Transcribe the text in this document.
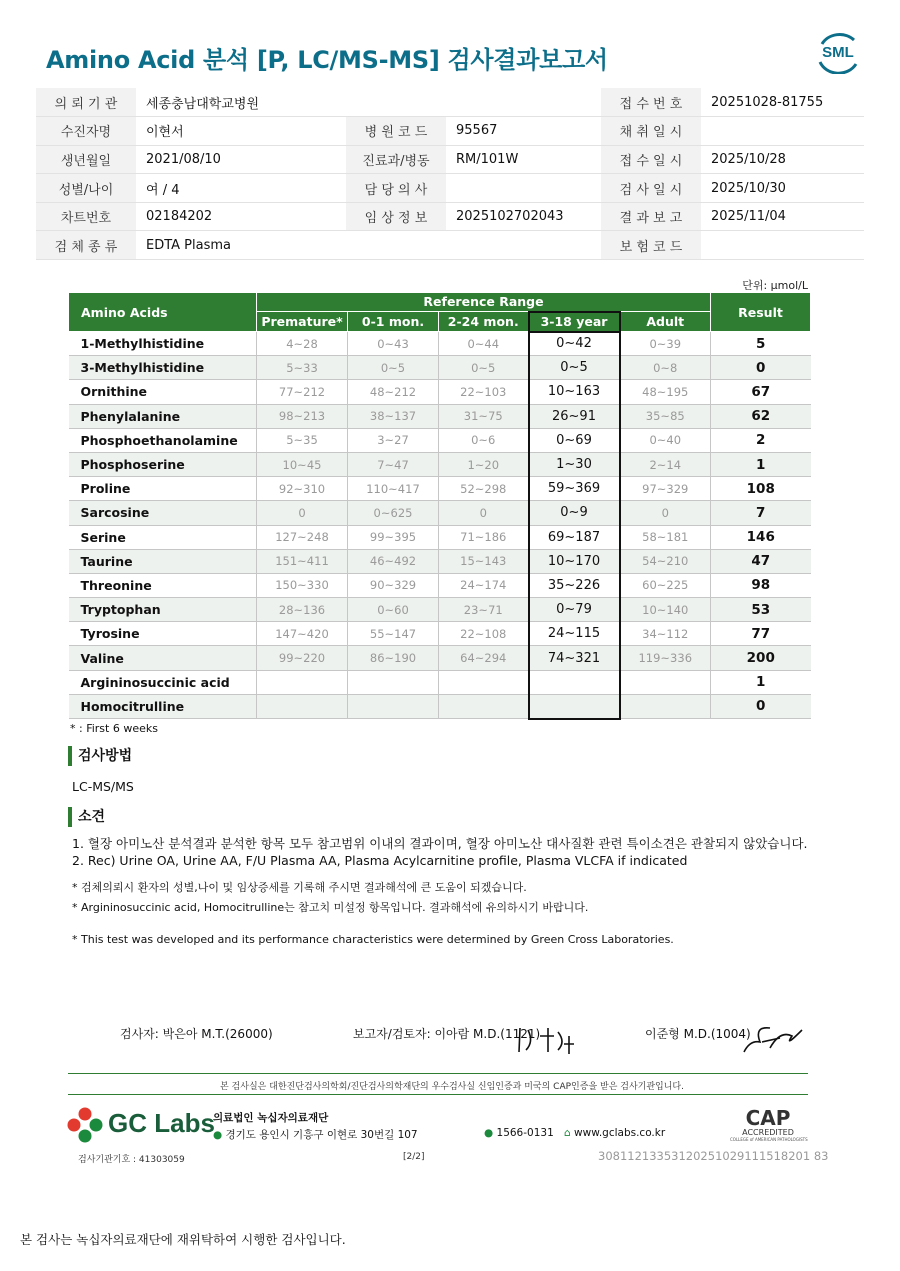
Amino Acid 분석 [P, LC/MS-MS] 검사결과보고서	SML
의 뢰 기 관	세종충남대학교병원			접 수 번 호	20251028-81755
수진자명	이현서	병 원 코 드	95567	채 취 일 시	
생년월일	2021/08/10	진료과/병동	RM/101W	접 수 일 시	2025/10/28
성별/나이	여 / 4	담 당 의 사		검 사 일 시	2025/10/30
차트번호	02184202	임 상 정 보	2025102702043	결 과 보 고	2025/11/04
검 체 종 류	EDTA Plasma			보 험 코 드	
단위: μmol/L
Amino Acids	Reference Range					Result
	Premature*	0-1 mon.	2-24 mon.	3-18 year	Adult	
1-Methylhistidine	4~28	0~43	0~44	0~42	0~39	5
3-Methylhistidine	5~33	0~5	0~5	0~5	0~8	0
Ornithine	77~212	48~212	22~103	10~163	48~195	67
Phenylalanine	98~213	38~137	31~75	26~91	35~85	62
Phosphoethanolamine	5~35	3~27	0~6	0~69	0~40	2
Phosphoserine	10~45	7~47	1~20	1~30	2~14	1
Proline	92~310	110~417	52~298	59~369	97~329	108
Sarcosine	0	0~625	0	0~9	0	7
Serine	127~248	99~395	71~186	69~187	58~181	146
Taurine	151~411	46~492	15~143	10~170	54~210	47
Threonine	150~330	90~329	24~174	35~226	60~225	98
Tryptophan	28~136	0~60	23~71	0~79	10~140	53
Tyrosine	147~420	55~147	22~108	24~115	34~112	77
Valine	99~220	86~190	64~294	74~321	119~336	200
Argininosuccinic acid						1
Homocitrulline						0
* : First 6 weeks
검사방법
LC-MS/MS
소견
1. 혈장 아미노산 분석결과 분석한 항목 모두 참고범위 이내의 결과이며, 혈장 아미노산 대사질환 관련 특이소견은 관찰되지 않았습니다.
2. Rec) Urine OA, Urine AA, F/U Plasma AA, Plasma Acylcarnitine profile, Plasma VLCFA if indicated
* 검체의뢰시 환자의 성별,나이 및 임상증세를 기록해 주시면 결과해석에 큰 도움이 되겠습니다.
* Argininosuccinic acid, Homocitrulline는 참고치 미설정 항목입니다. 결과해석에 유의하시기 바랍니다.
* This test was developed and its performance characteristics were determined by Green Cross Laboratories.
검사자: 박은아 M.T.(26000)	보고자/검토자: 이아람 M.D.(1121)	이준형 M.D.(1004)
본 검사실은 대한진단검사의학회/진단검사의학재단의 우수검사실 신임인증과 미국의 CAP인증을 받은 검사기관입니다.
GC Labs
의료법인 녹십자의료재단
● 경기도 용인시 기흥구 이현로 30번길 107	● 1566-0131 ⌂ www.gclabs.co.kr
CAP
ACCREDITED
COLLEGE of AMERICAN PATHOLOGISTS
검사기관기호 : 41303059	[2/2]	30811213353120251029111518201 83
본 검사는 녹십자의료재단에 재위탁하여 시행한 검사입니다.
